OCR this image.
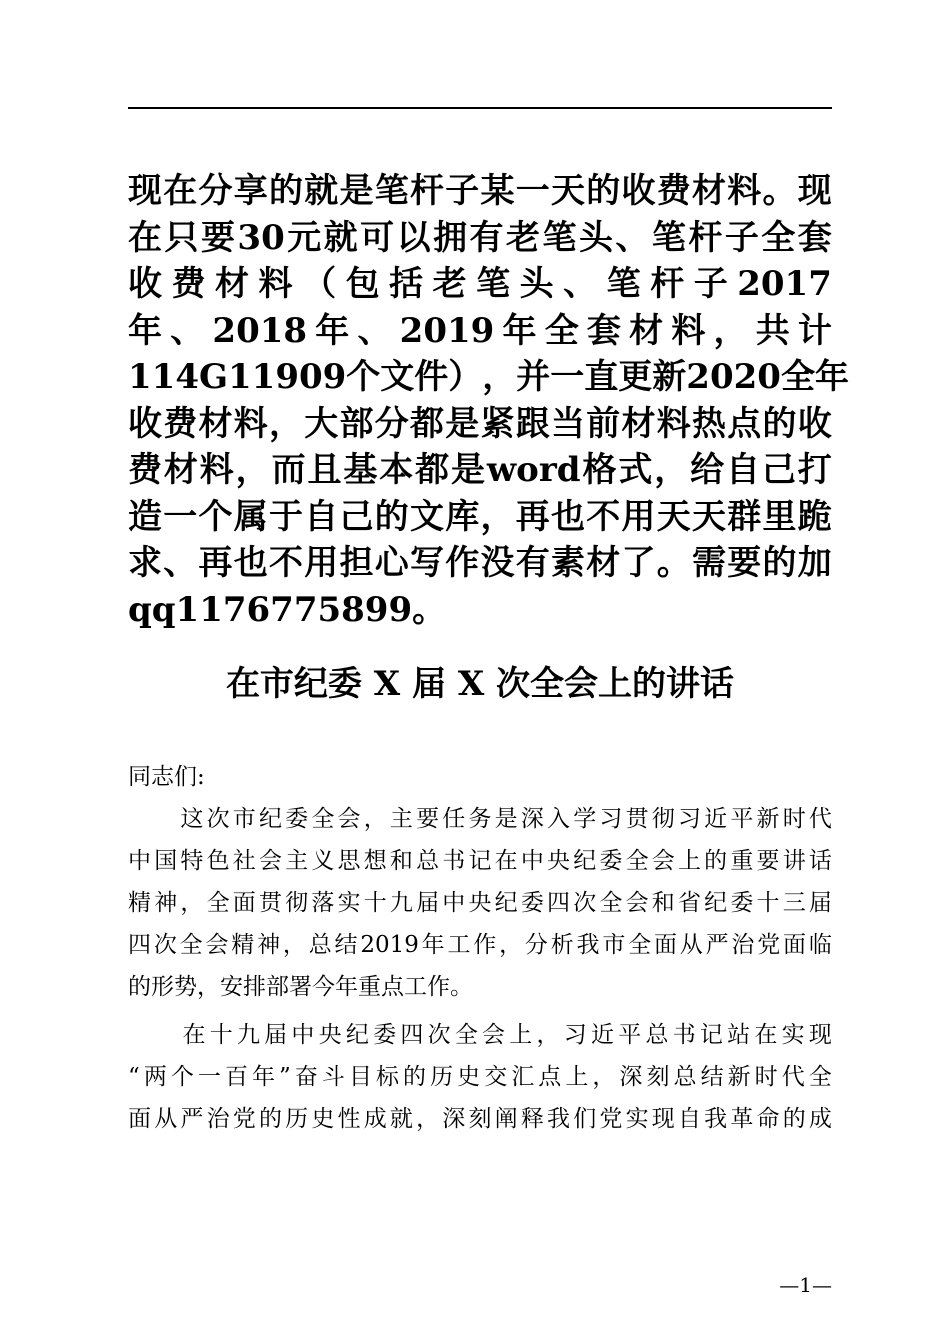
现 在 分 享 的 就 是 笔 杆 子 某 一 天 的 收 费 材 料 。 现
在 只 要 30 元 就 可 以 拥 有 老 笔 头 、 笔 杆 子 全 套
收 费 材 料 （ 包 括 老 笔 头 、 笔 杆 子 2017
年 、 2018 年 、 2019 年 全 套 材 料 ， 共 计
114G11909 个 文 件 ） ， 并 一 直 更 新 2020 全 年
收 费 材 料 ， 大 部 分 都 是 紧 跟 当 前 材 料 热 点 的 收
费 材 料 ， 而 且 基 本 都 是 word 格 式 ， 给 自 己 打
造 一 个 属 于 自 己 的 文 库 ， 再 也 不 用 天 天 群 里 跪
求 、 再 也 不 用 担 心 写 作 没 有 素 材 了 。 需 要 的 加
qq1176775899。
在市纪委 X 届 X 次全会上的讲话
同志们:

这 次 市 纪 委 全 会 ， 主 要 任 务 是 深 入 学 习 贯 彻 习 近 平 新 时 代
中 国 特 色 社 会 主 义 思 想 和 总 书 记 在 中 央 纪 委 全 会 上 的 重 要 讲 话
精 神 ， 全 面 贯 彻 落 实 十 九 届 中 央 纪 委 四 次 全 会 和 省 纪 委 十 三 届
四 次 全 会 精 神 ， 总 结 2019 年 工 作 ， 分 析 我 市 全 面 从 严 治 党 面 临
的形势，安排部署今年重点工作。

在 十 九 届 中 央 纪 委 四 次 全 会 上 ， 习 近 平 总 书 记 站 在 实 现
“ 两 个 一 百 年 ” 奋 斗 目 标 的 历 史 交 汇 点 上 ， 深 刻 总 结 新 时 代 全
面 从 严 治 党 的 历 史 性 成 就 ， 深 刻 阐 释 我 们 党 实 现 自 我 革 命 的 成
—1—
